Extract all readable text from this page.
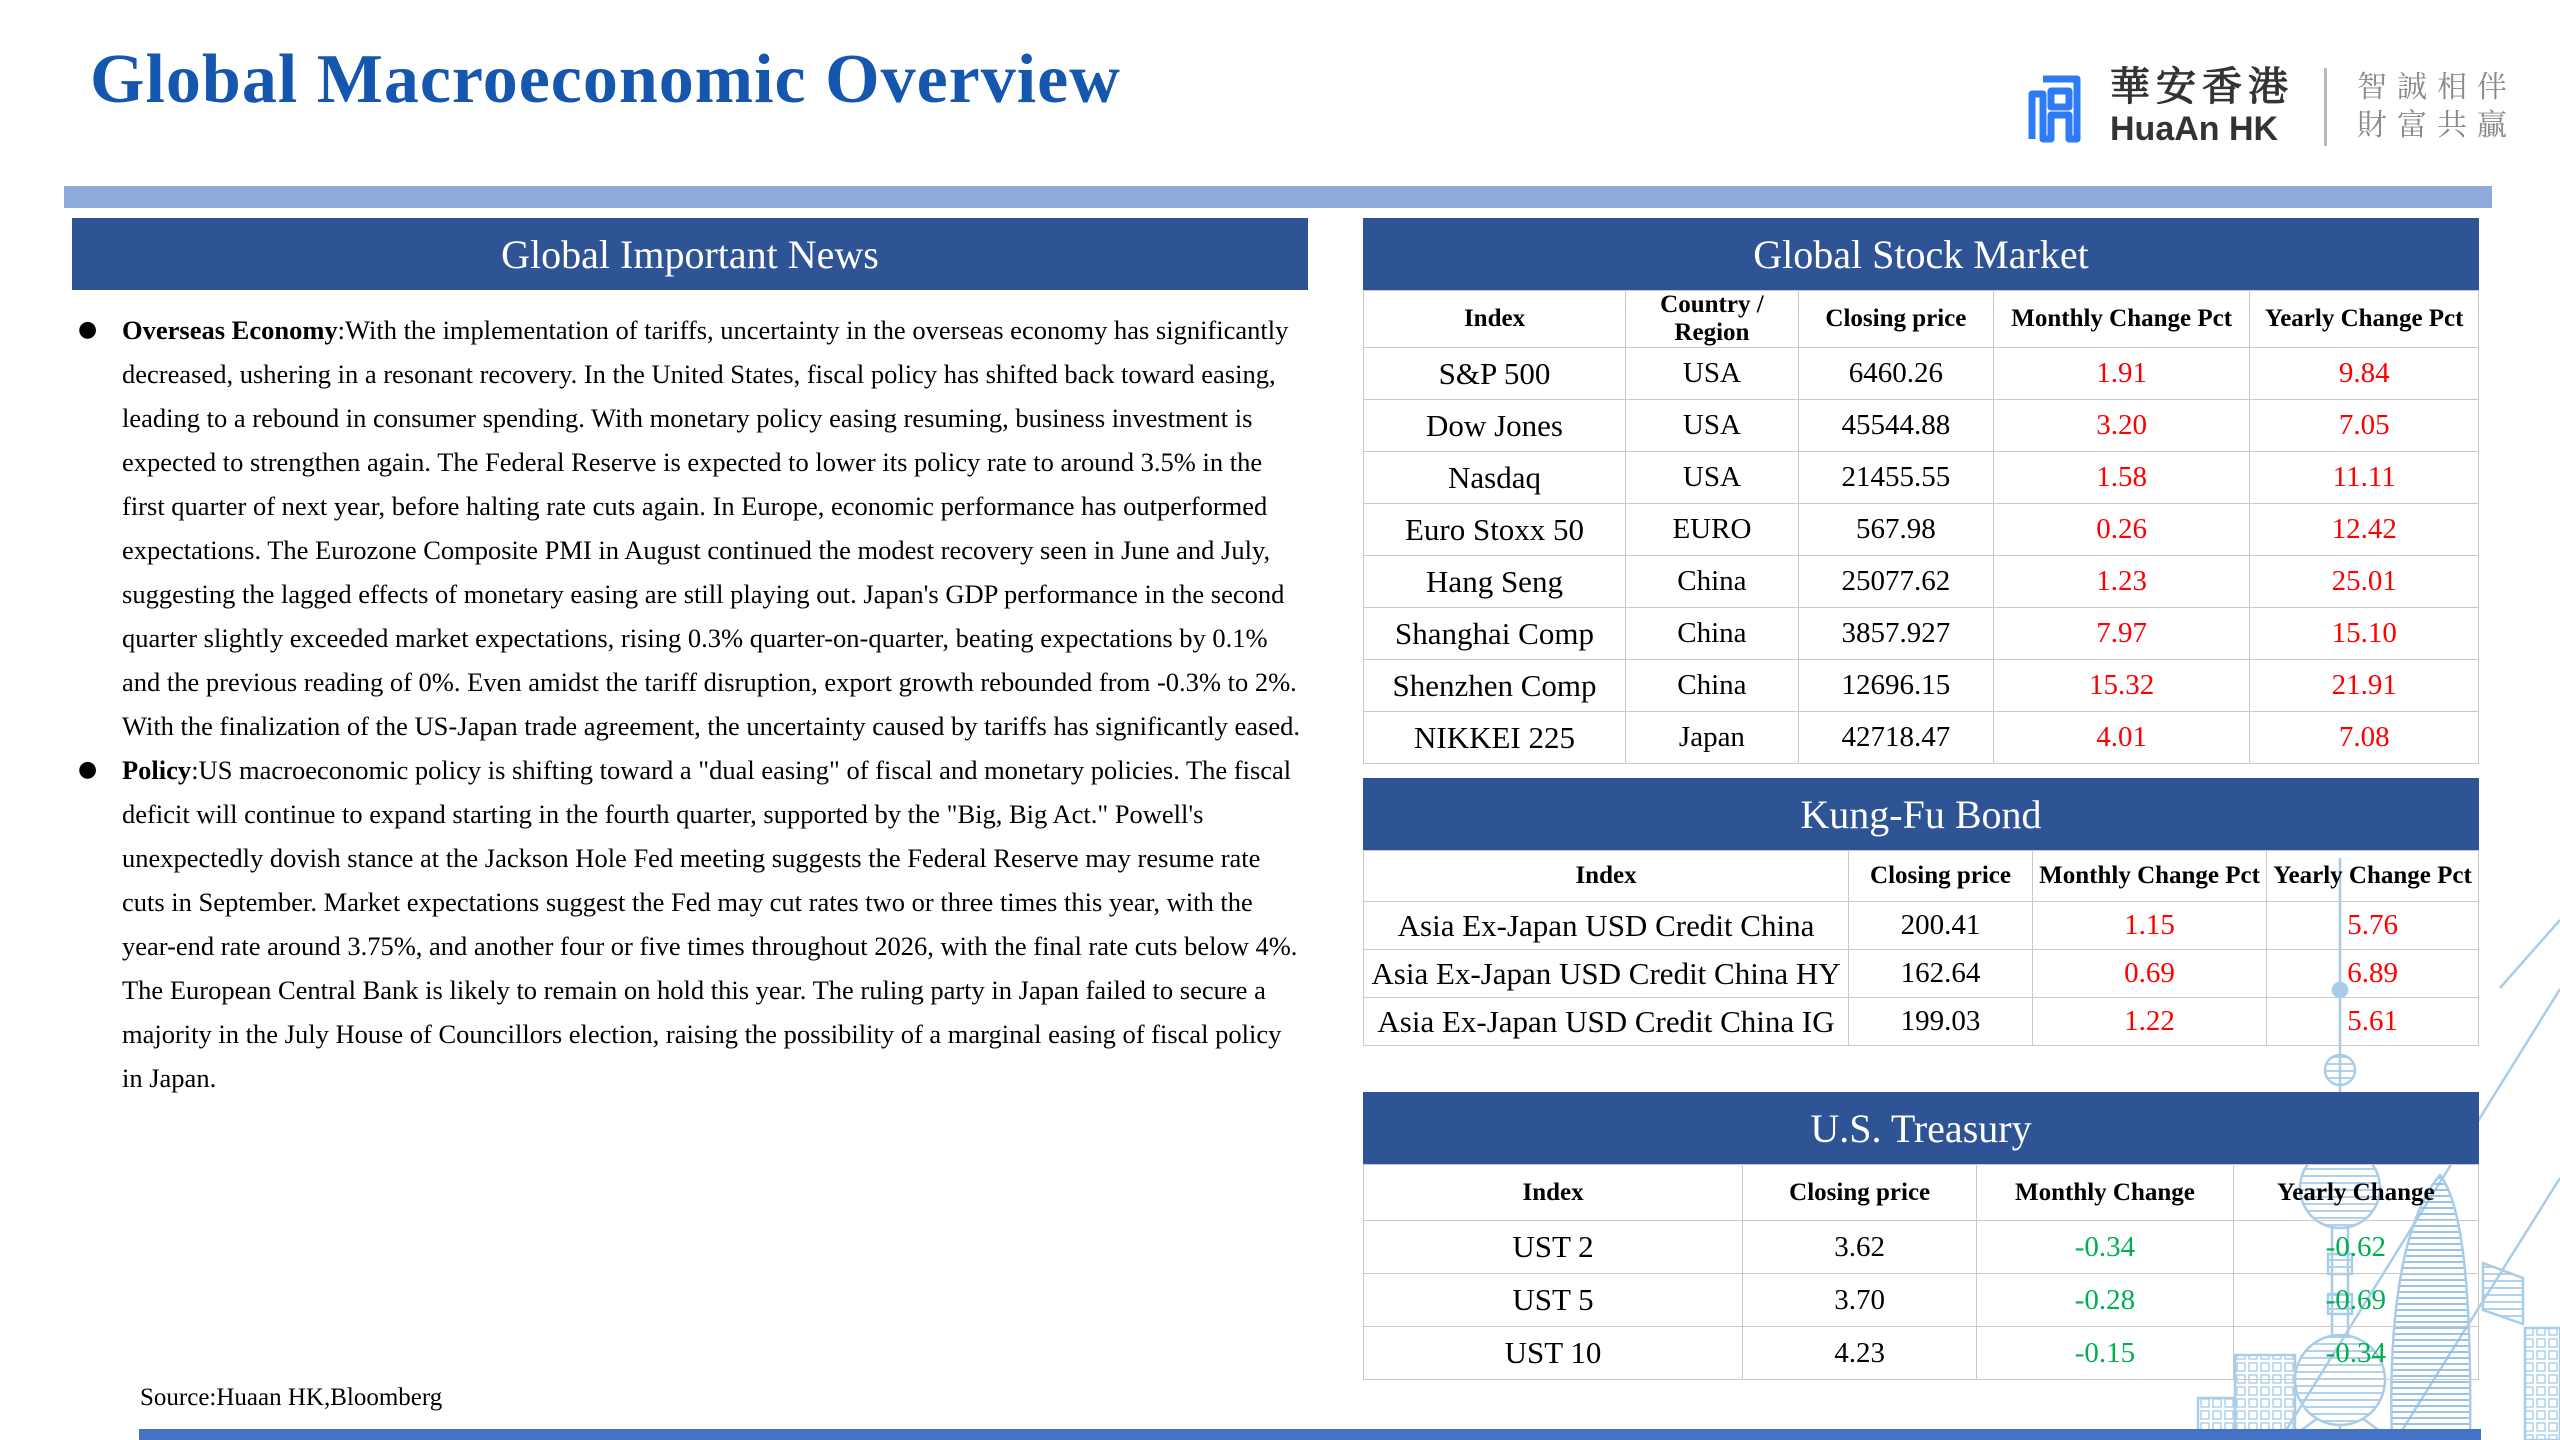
Global Macroeconomic Overview	華安香港
HuaAn HK
智誠相伴
財富共贏
Global Important News
● Overseas Economy:With the implementation of tariffs, uncertainty in the overseas economy has significantly decreased, ushering in a resonant recovery. In the United States, fiscal policy has shifted back toward easing, leading to a rebound in consumer spending. With monetary policy easing resuming, business investment is expected to strengthen again. The Federal Reserve is expected to lower its policy rate to around 3.5% in the first quarter of next year, before halting rate cuts again. In Europe, economic performance has outperformed expectations. The Eurozone Composite PMI in August continued the modest recovery seen in June and July, suggesting the lagged effects of monetary easing are still playing out. Japan's GDP performance in the second quarter slightly exceeded market expectations, rising 0.3% quarter-on-quarter, beating expectations by 0.1% and the previous reading of 0%. Even amidst the tariff disruption, export growth rebounded from -0.3% to 2%. With the finalization of the US-Japan trade agreement, the uncertainty caused by tariffs has significantly eased.
● Policy:US macroeconomic policy is shifting toward a "dual easing" of fiscal and monetary policies. The fiscal deficit will continue to expand starting in the fourth quarter, supported by the "Big, Big Act." Powell's unexpectedly dovish stance at the Jackson Hole Fed meeting suggests the Federal Reserve may resume rate cuts in September. Market expectations suggest the Fed may cut rates two or three times this year, with the year-end rate around 3.75%, and another four or five times throughout 2026, with the final rate cuts below 4%. The European Central Bank is likely to remain on hold this year. The ruling party in Japan failed to secure a majority in the July House of Councillors election, raising the possibility of a marginal easing of fiscal policy in Japan.
Global Stock Market
Index	Country / Region	Closing price	Monthly Change Pct	Yearly Change Pct
S&P 500	USA	6460.26	1.91	9.84
Dow Jones	USA	45544.88	3.20	7.05
Nasdaq	USA	21455.55	1.58	11.11
Euro Stoxx 50	EURO	567.98	0.26	12.42
Hang Seng	China	25077.62	1.23	25.01
Shanghai Comp	China	3857.927	7.97	15.10
Shenzhen Comp	China	12696.15	15.32	21.91
NIKKEI 225	Japan	42718.47	4.01	7.08
Kung-Fu Bond
Index	Closing price	Monthly Change Pct	Yearly Change Pct
Asia Ex-Japan USD Credit China	200.41	1.15	5.76
Asia Ex-Japan USD Credit China HY	162.64	0.69	6.89
Asia Ex-Japan USD Credit China IG	199.03	1.22	5.61
U.S. Treasury
Index	Closing price	Monthly Change	Yearly Change
UST 2	3.62	-0.34	-0.62
UST 5	3.70	-0.28	-0.69
UST 10	4.23	-0.15	-0.34
Source:Huaan HK,Bloomberg
